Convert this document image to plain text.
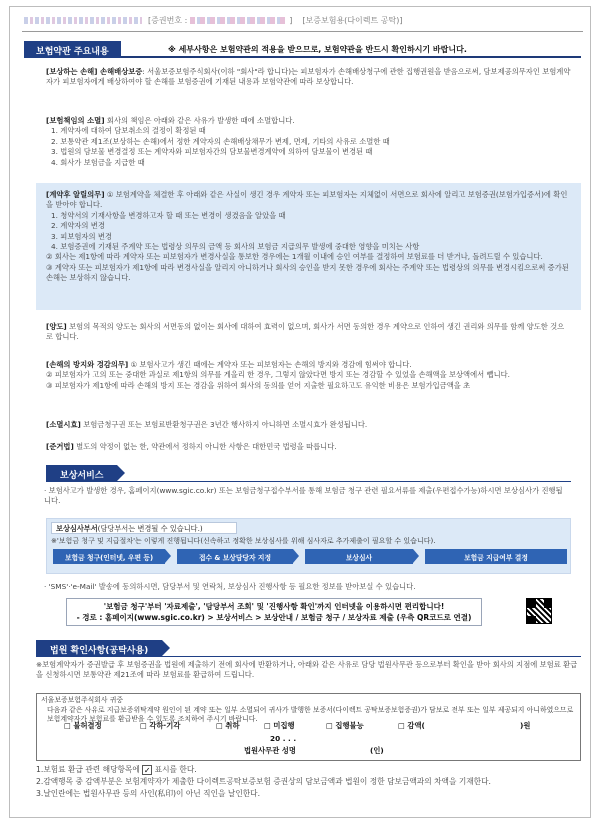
[증권번호 :	] [보증보험용(다이렉트 공탁)]
보험약관 주요내용	※ 세부사항은 보험약관의 적용을 받으므로, 보험약관을 반드시 확인하시기 바랍니다.
[보상하는 손해] 손해배상보증: 서울보증보험주식회사(이하 "회사"라 합니다)는 피보험자가 손해배상청구에 관한 집행권원을 받음으로써, 담보제공의무자인 보험계약자가 피보험자에게 배상하여야 할 손해를 보험증권에 기재된 내용과 보험약관에 따라 보상합니다.
[보험책임의 소멸] 회사의 책임은 아래와 같은 사유가 발생한 때에 소멸합니다.
1. 계약자에 대하여 담보취소의 결정이 확정된 때
2. 보통약관 제1조(보상하는 손해)에서 정한 계약자의 손해배상채무가 변제, 면제, 기타의 사유로 소멸한 때
3. 법원의 담보물 변경결정 또는 계약자와 피보험자간의 담보물변경계약에 의하여 담보물이 변경된 때
4. 회사가 보험금을 지급한 때
[계약후 알릴의무] ① 보험계약을 체결한 후 아래와 같은 사실이 생긴 경우 계약자 또는 피보험자는 지체없이 서면으로 회사에 알리고 보험증권(보험가입증서)에 확인을 받아야 합니다.
1. 청약서의 기재사항을 변경하고자 할 때 또는 변경이 생겼음을 알았을 때
2. 계약자의 변경
3. 피보험자의 변경
4. 보험증권에 기재된 주계약 또는 법령상 의무의 금액 등 회사의 보험금 지급의무 발생에 중대한 영향을 미치는 사항
② 회사는 제1항에 따라 계약자 또는 피보험자가 변경사실을 통보한 경우에는 1개월 이내에 승인 여부를 결정하여 보험료를 더 받거나, 돌려드릴 수 있습니다.
③ 계약자 또는 피보험자가 제1항에 따라 변경사실을 알리지 아니하거나 회사의 승인을 받지 못한 경우에 회사는 주계약 또는 법령상의 의무를 변경시킴으로써 증가된 손해는 보상하지 않습니다.
[양도] 보험의 목적의 양도는 회사의 서면동의 없이는 회사에 대하여 효력이 없으며, 회사가 서면 동의한 경우 계약으로 인하여 생긴 권리와 의무를 함께 양도한 것으로 합니다.
[손해의 방지와 경감의무] ① 보험사고가 생긴 때에는 계약자 또는 피보험자는 손해의 방지와 경감에 힘써야 합니다.
② 피보험자가 고의 또는 중대한 과실로 제1항의 의무를 게을리 한 경우, 그렇지 않았다면 방지 또는 경감할 수 있었을 손해액을 보상액에서 뺍니다.
③ 피보험자가 제1항에 따라 손해의 방지 또는 경감을 위하여 회사의 동의를 얻어 지출한 필요하고도 유익한 비용은 보험가입금액을 초
[소멸시효] 보험금청구권 또는 보험료반환청구권은 3년간 행사하지 아니하면 소멸시효가 완성됩니다.
[준거법] 별도의 약정이 없는 한, 약관에서 정하지 아니한 사항은 대한민국 법령을 따릅니다.
보상서비스
· 보험사고가 발생한 경우, 홈페이지(www.sgic.co.kr) 또는 보험금청구접수부서를 통해 보험금 청구 관련 필요서류를 제출(우편접수가능)하시면 보상심사가 진행됩니다.
보상심사부서(담당부서는 변경될 수 있습니다.)
※'보험금 청구 및 지급절차'는 이렇게 진행됩니다(신속하고 정확한 보상심사를 위해 심사자로 추가제출이 필요할 수 있습니다).
보험금 청구(인터넷, 우편 등)	접수 & 보상담당자 지정	보상심사	보험금 지급여부 결정
· 'SMS'·'e-Mail' 발송에 동의하시면, 담당부서 및 연락처, 보상심사 진행사항 등 필요한 정보를 받아보실 수 있습니다.
'보험금 청구'부터 '자료제출', '담당부서 조회' 및 '진행사항 확인'까지 인터넷을 이용하시면 편리합니다!
- 경로 : 홈페이지(www.sgic.co.kr) > 보상서비스 > 보상안내 / 보험금 청구 / 보상자료 제출 (우측 QR코드로 연결)
법원 확인사항(공탁사용)
※보험계약자가 증권발급 후 보험증권을 법원에 제출하기 전에 회사에 반환하거나, 아래와 같은 사유로 담당 법원사무관 등으로부터 확인을 받아 회사의 지점에 보험료 환급을 신청하시면 보통약관 제21조에 따라 보험료를 환급하여 드립니다.
서울보증보험주식회사 귀중
다음과 같은 사유로 지급보증위탁계약 원인이 된 계약 또는 일부 소멸되어 귀사가 발행한 보증서(다이렉트 공탁보증보험증권)가 담보로 전부 또는 일부 제공되지 아니하였으므로 보험계약자가 보험료를 환급받을 수 있도록 조치하여 주시기 바랍니다.
□ 불허결정	□ 각하·기각	□ 취하	□ 미집행	□ 집행불능	□ 감액(	)원
20 . . .
법원사무관 성명	(인)
1.보험료 환급 관련 해당항목에 ✓ 표시를 한다.
2.감액행목 중 감액부분은 보험계약자가 제출한 다이렉트공탁보증보험 증권상의 담보금액과 법원이 정한 담보금액과의 차액을 기재한다.
3.날인란에는 법원사무관 등의 사인(私印)이 아닌 직인을 날인한다.
